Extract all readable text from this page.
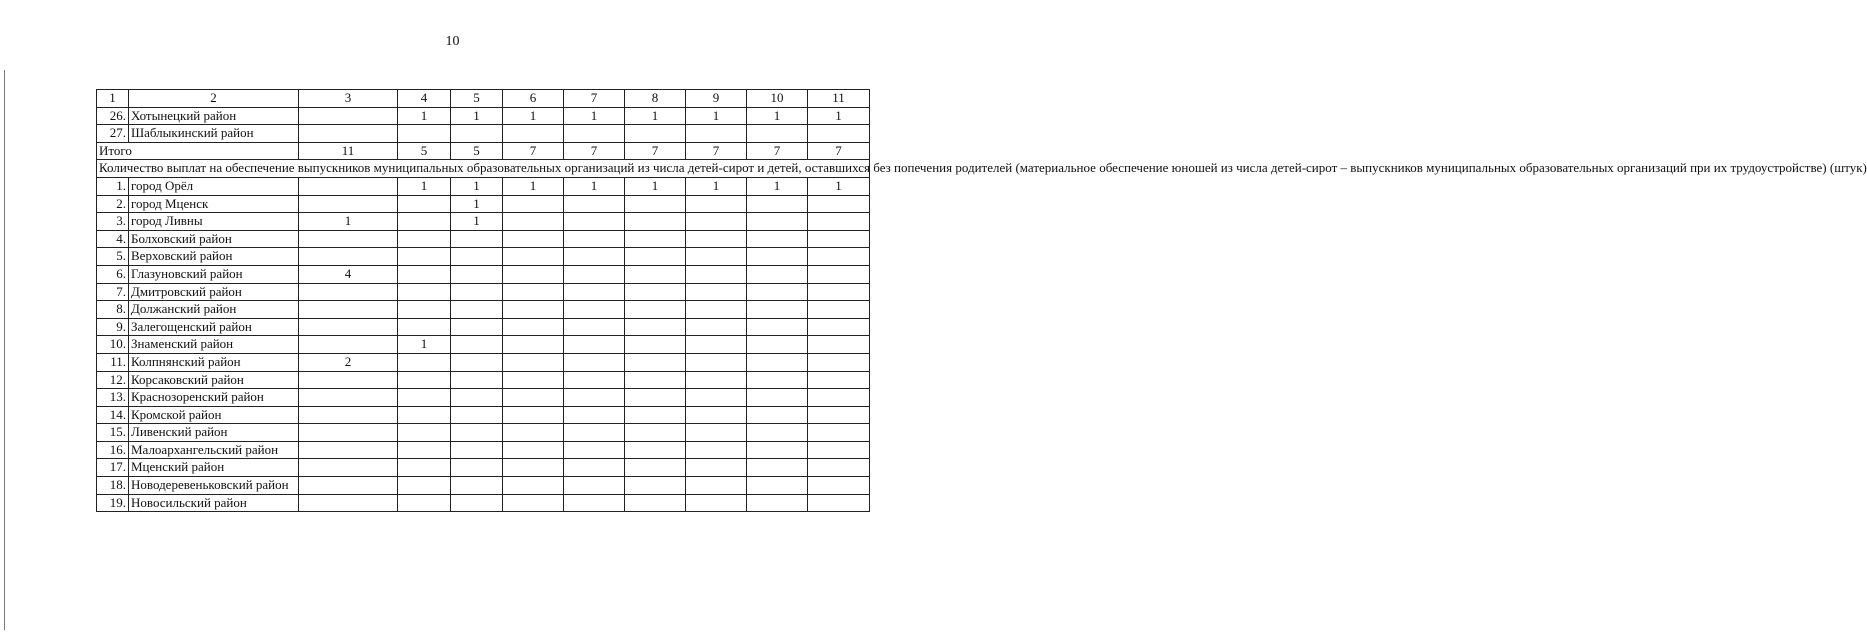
10
1	2	3	4	5	6	7	8	9	10	11
26.	Хотынецкий район		1	1	1	1	1	1	1	1
27.	Шаблыкинский район									
Итого		11	5	5	7	7	7	7	7	7
Количество выплат на обеспечение выпускников муниципальных образовательных организаций из числа детей-сирот и детей, оставшихся без попечения родителей (материальное обеспечение юношей из числа детей-сирот – выпускников муниципальных образовательных организаций при их трудоустройстве) (штук)										
1.	город Орёл		1	1	1	1	1	1	1	1
2.	город Мценск			1						
3.	город Ливны	1		1						
4.	Болховский район									
5.	Верховский район									
6.	Глазуновский район	4								
7.	Дмитровский район									
8.	Должанский район									
9.	Залегощенский район									
10.	Знаменский район		1							
11.	Колпнянский район	2								
12.	Корсаковский район									
13.	Краснозоренский район									
14.	Кромской район									
15.	Ливенский район									
16.	Малоархангельский район									
17.	Мценский район									
18.	Новодеревеньковский район									
19.	Новосильский район									
